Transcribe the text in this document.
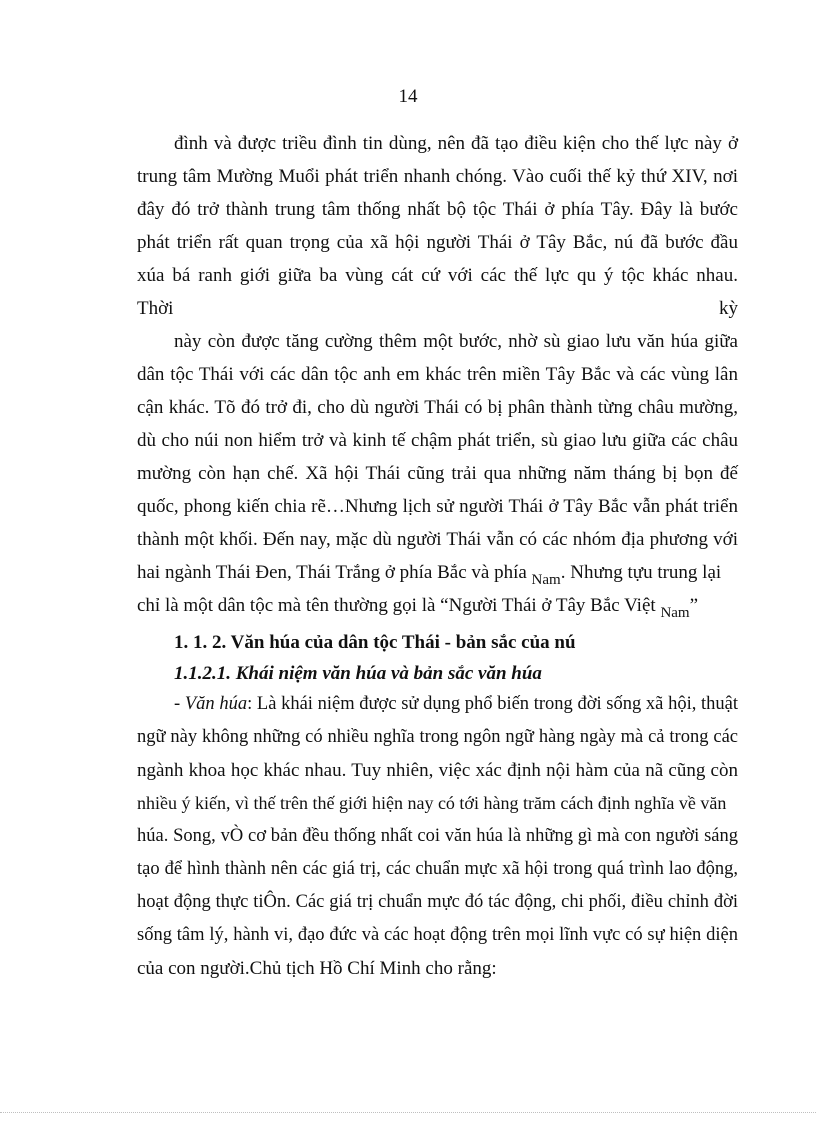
14
đình và được triều đình tin dùng, nên đã tạo điều kiện cho thế lực này ở
trung tâm Mường Muổi phát triển nhanh chóng. Vào cuối thế kỷ thứ XIV, nơi
đây đó trở thành trung tâm thống nhất bộ tộc Thái ở phía Tây. Đây là bước
phát triển rất quan trọng của xã hội người Thái ở Tây Bắc, nú đã bước đầu
xúa bá ranh giới giữa ba vùng cát cứ với các thế lực qu ý tộc khác nhau.
Thời	kỳ
này còn được tăng cường thêm một bước, nhờ sù giao lưu văn húa giữa
dân tộc Thái với các dân tộc anh em khác trên miền Tây Bắc và các vùng lân
cận khác. Tõ đó trở đi, cho dù người Thái có bị phân thành từng châu mường,
dù cho núi non hiểm trở và kinh tế chậm phát triển, sù giao lưu giữa các châu
mường còn hạn chế. Xã hội Thái cũng trải qua những năm tháng bị bọn đế
quốc, phong kiến chia rẽ…Nhưng lịch sử người Thái ở Tây Bắc vẫn phát triển
thành một khối. Đến nay, mặc dù người Thái vẫn có các nhóm địa phương với
hai ngành Thái Đen, Thái Trắng ở phía Bắc và phía $_{Nam}$. Nhưng tựu trung lại
chỉ là một dân tộc mà tên thường gọi là “Người Thái ở Tây Bắc Việt $_{Nam}$”
1. 1. 2. Văn húa của dân tộc Thái - bản sắc của nú
1.1.2.1. Khái niệm văn húa và bản sắc văn húa
- Văn húa: Là khái niệm được sử dụng phổ biến trong đời sống xã hội, thuật
ngữ này không những có nhiều nghĩa trong ngôn ngữ hàng ngày mà cả trong các
ngành khoa học khác nhau. Tuy nhiên, việc xác định nội hàm của nã cũng còn
nhiều ý kiến, vì thế trên thế giới hiện nay có tới hàng trăm cách định nghĩa về văn
húa. Song, vÒ cơ bản đều thống nhất coi văn húa là những gì mà con người sáng
tạo để hình thành nên các giá trị, các chuẩn mực xã hội trong quá trình lao động,
hoạt động thực tiÔn. Các giá trị chuẩn mực đó tác động, chi phối, điều chỉnh đời
sống tâm lý, hành vi, đạo đức và các hoạt động trên mọi lĩnh vực có sự hiện diện
của con người.Chủ tịch Hồ Chí Minh cho rằng:
